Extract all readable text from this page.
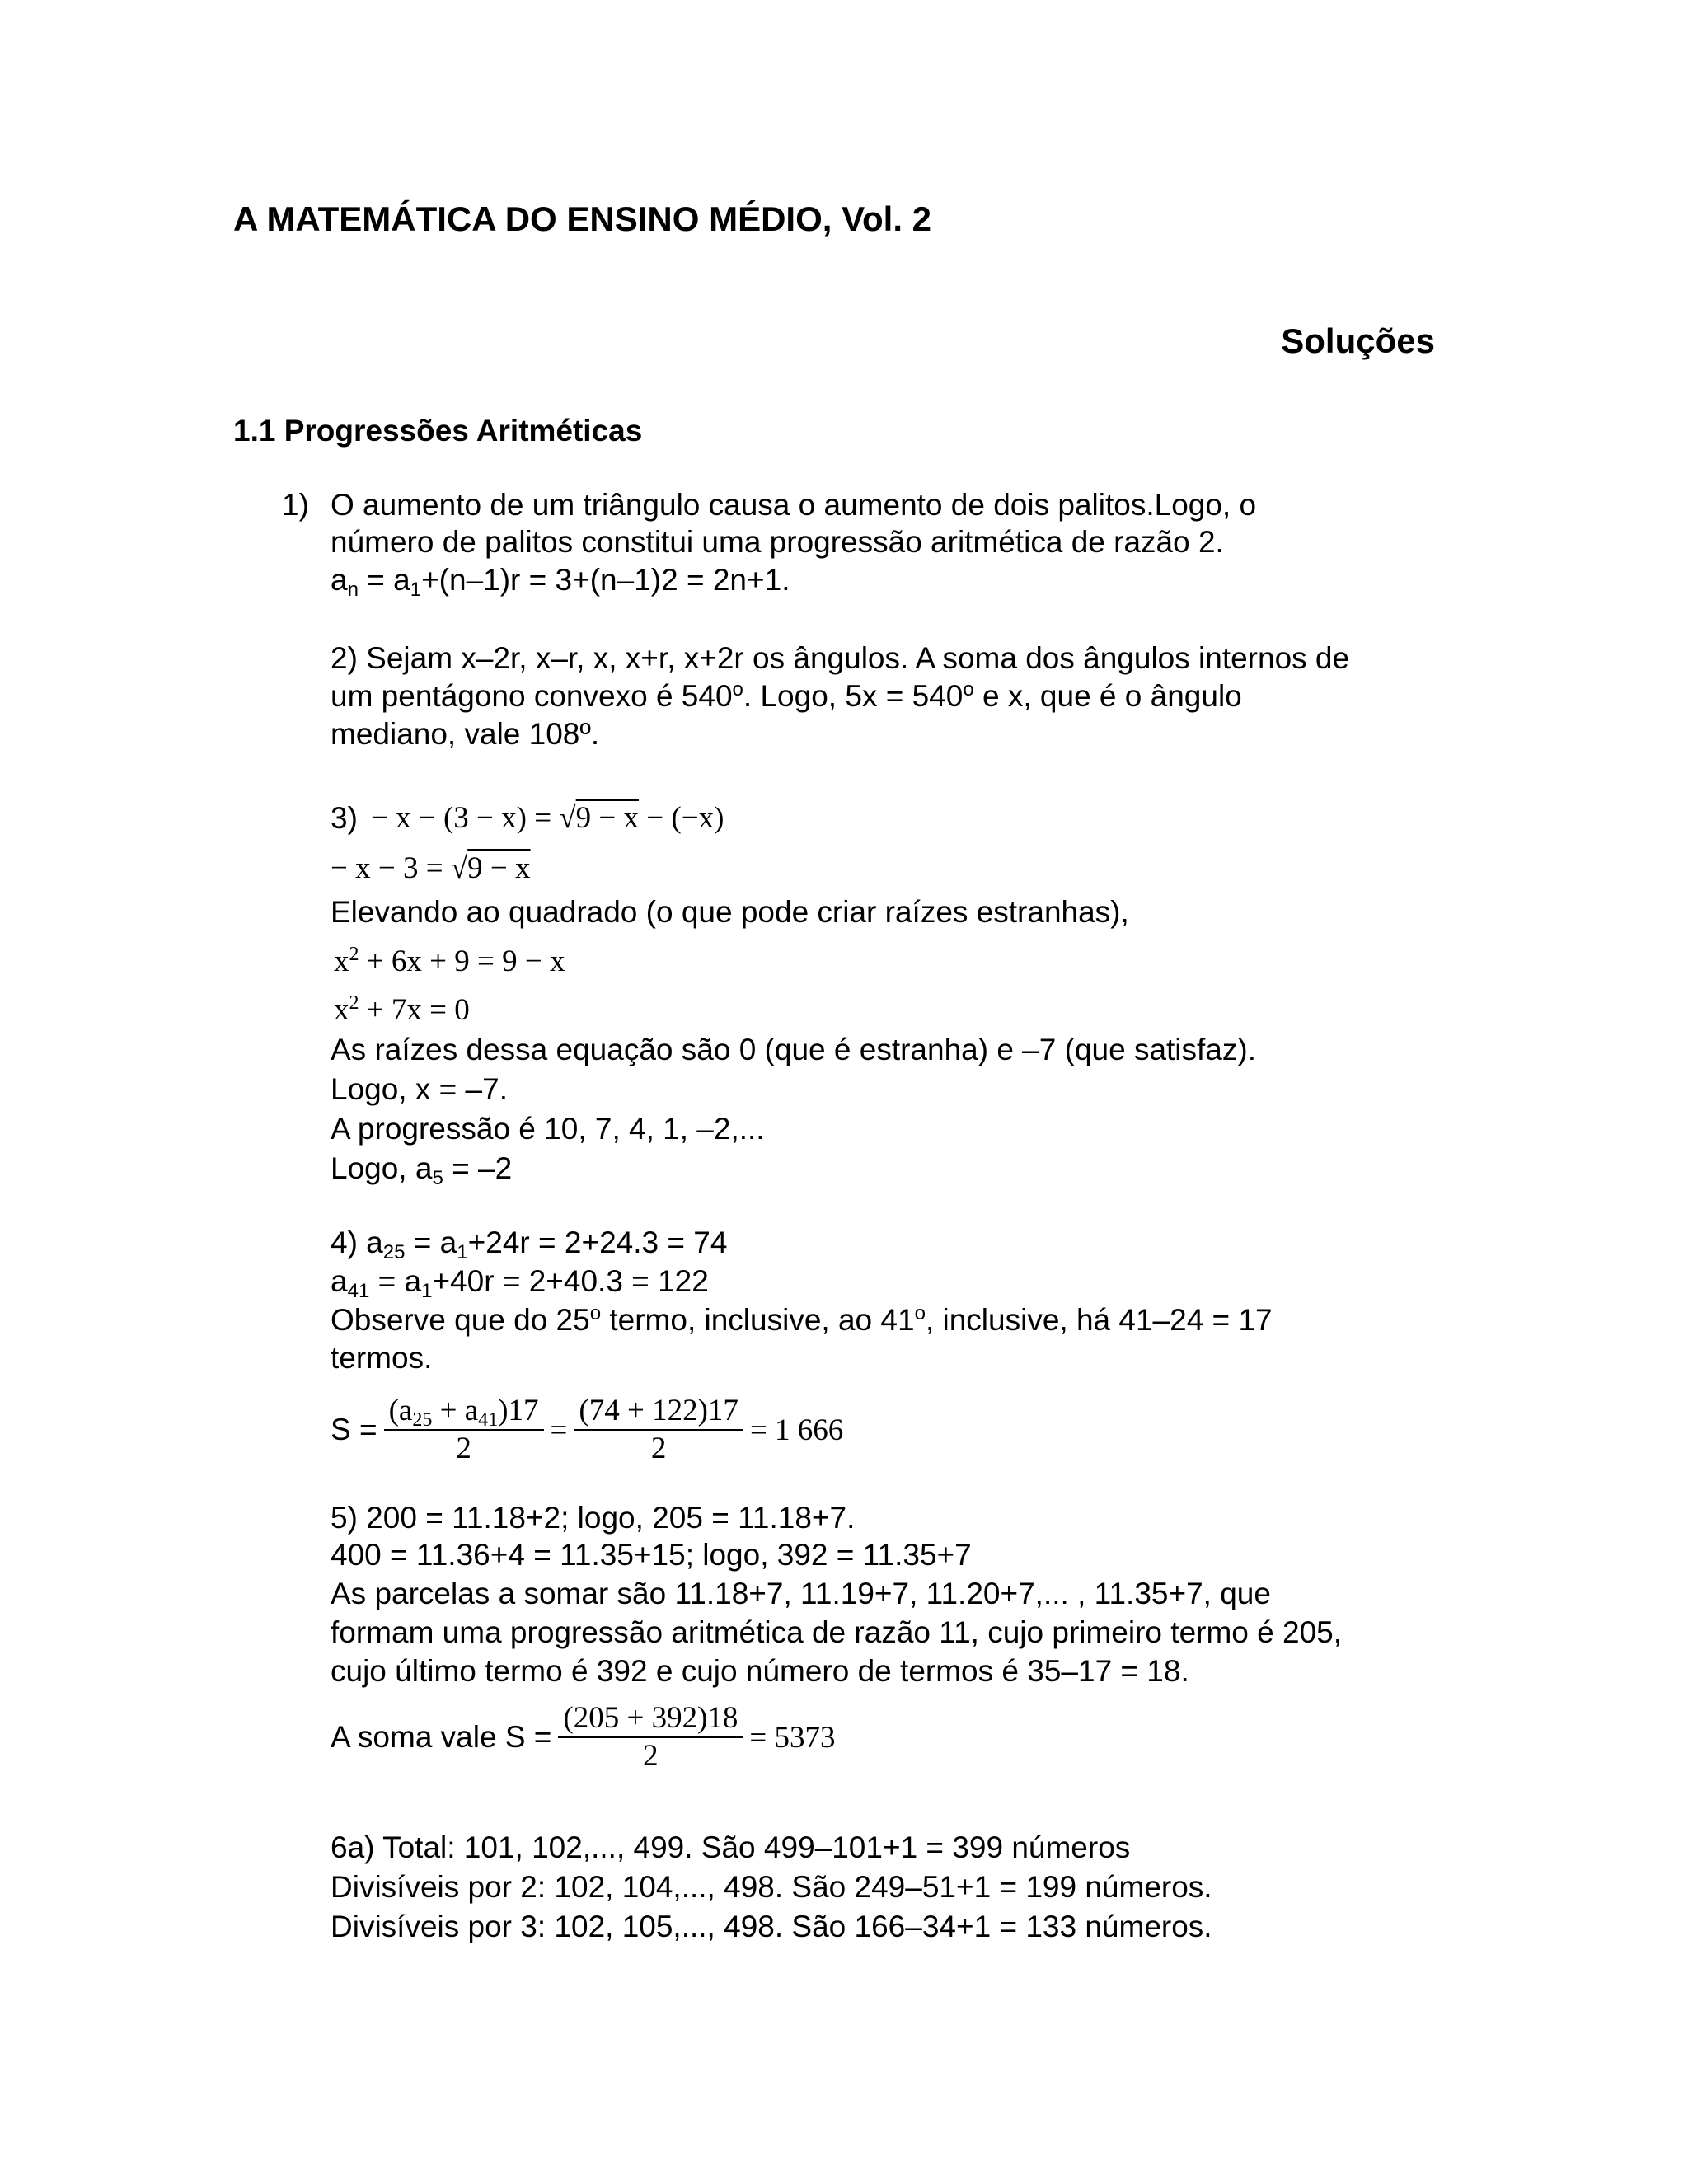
A MATEMÁTICA DO ENSINO MÉDIO, Vol. 2
Soluções
1.1 Progressões Aritméticas
1) O aumento de um triângulo causa o aumento de dois palitos.Logo, o
número de palitos constitui uma progressão aritmética de razão 2.
an = a1+(n–1)r = 3+(n–1)2 = 2n+1.
2) Sejam x–2r, x–r, x, x+r, x+2r os ângulos. A soma dos ângulos internos de
um pentágono convexo é 540$^o$. Logo, $5x = 540^o$ e x, que é o ângulo
mediano, vale 108º.
3) − x − (3 − x) = √9 − x − (−x)
− x − 3 = √9 − x
Elevando ao quadrado (o que pode criar raízes estranhas),
$x^2 + 6x + 9 = 9 - x$
$x^2 + 7x = 0$
As raízes dessa equação são 0 (que é estranha) e –7 (que satisfaz).
Logo, x = –7.
A progressão é 10, 7, 4, 1, –2,...
Logo, a5 = –2
4) a25 = a1+24r = 2+24.3 = 74
a41 = a1+40r = 2+40.3 = 122
Observe que do 25$^o$ termo, inclusive, ao 41$^o$, inclusive, há 41–24 = 17
termos.
$S = \frac{(a25 + a41)17}{2} = \frac{(74 + 122)17}{2} = 1$ 666
5) 200 = 11.18+2; logo, 205 = 11.18+7.
400 = 11.36+4 = 11.35+15; logo, 392 = 11.35+7
As parcelas a somar são 11.18+7, 11.19+7, 11.20+7,... , 11.35+7, que
formam uma progressão aritmética de razão 11, cujo primeiro termo é 205,
cujo último termo é 392 e cujo número de termos é 35–17 = 18.
A soma vale $S = \frac{(205 + 392)18}{2} = 5373$
6a) Total: 101, 102,..., 499. São 499–101+1 = 399 números
Divisíveis por 2: 102, 104,..., 498. São 249–51+1 = 199 números.
Divisíveis por 3: 102, 105,..., 498. São 166–34+1 = 133 números.
